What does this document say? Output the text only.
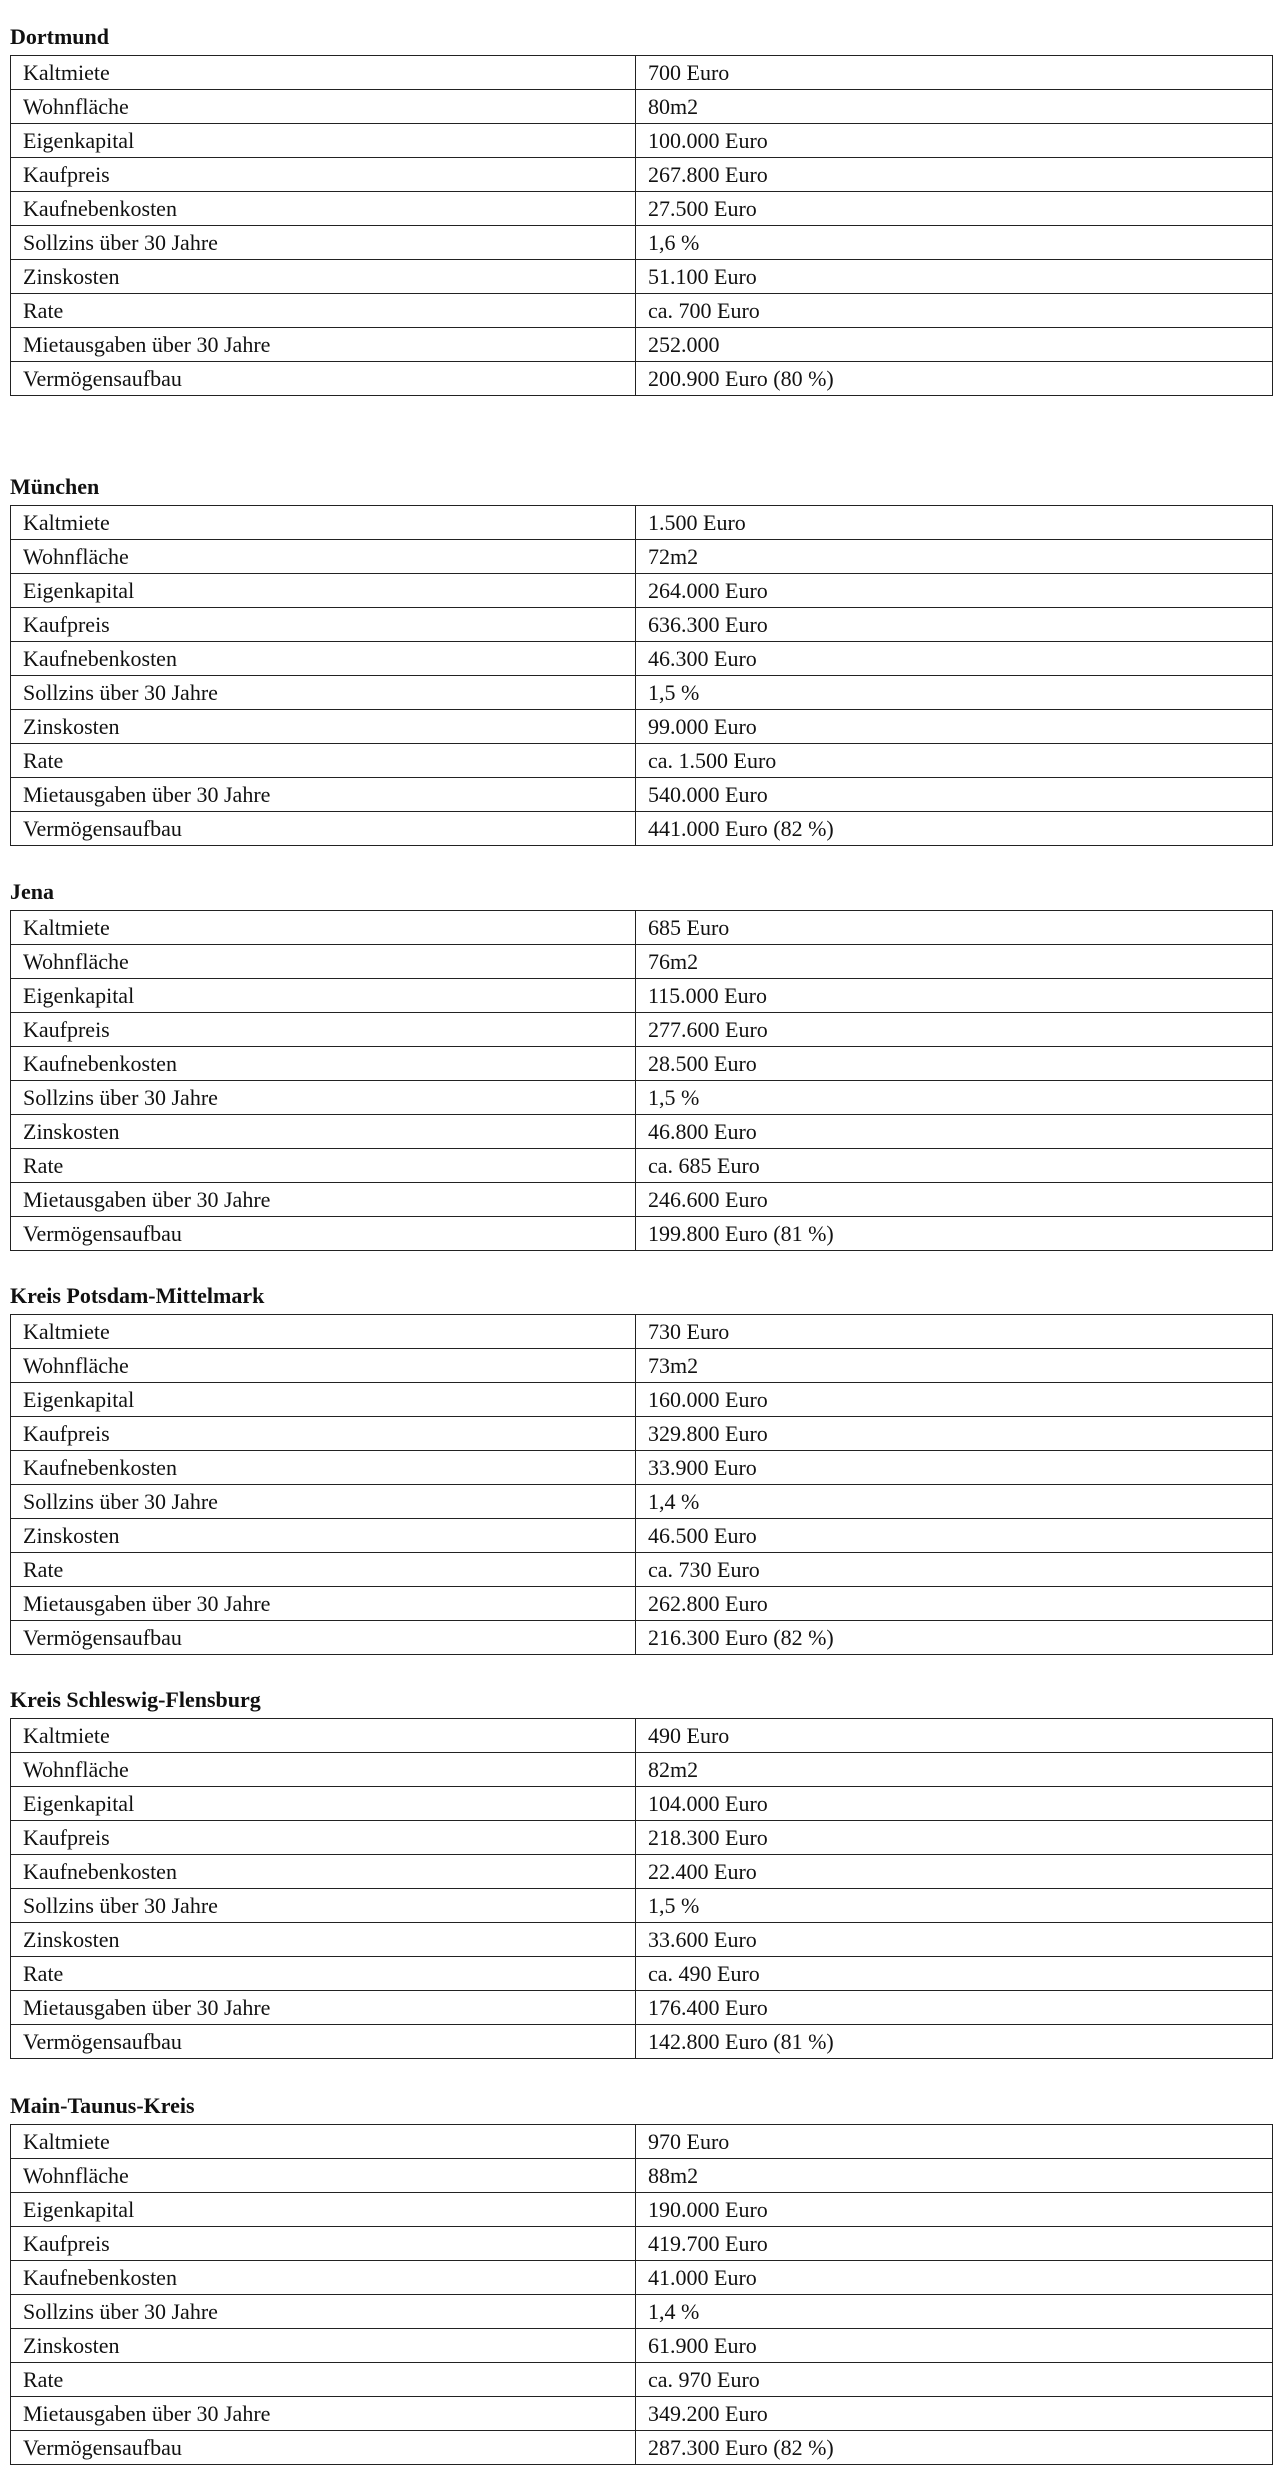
Dortmund
Kaltmiete	700 Euro
Wohnfläche	80m2
Eigenkapital	100.000 Euro
Kaufpreis	267.800 Euro
Kaufnebenkosten	27.500 Euro
Sollzins über 30 Jahre	1,6 %
Zinskosten	51.100 Euro
Rate	ca. 700 Euro
Mietausgaben über 30 Jahre	252.000
Vermögensaufbau	200.900 Euro (80 %)
München
Kaltmiete	1.500 Euro
Wohnfläche	72m2
Eigenkapital	264.000 Euro
Kaufpreis	636.300 Euro
Kaufnebenkosten	46.300 Euro
Sollzins über 30 Jahre	1,5 %
Zinskosten	99.000 Euro
Rate	ca. 1.500 Euro
Mietausgaben über 30 Jahre	540.000 Euro
Vermögensaufbau	441.000 Euro (82 %)
Jena
Kaltmiete	685 Euro
Wohnfläche	76m2
Eigenkapital	115.000 Euro
Kaufpreis	277.600 Euro
Kaufnebenkosten	28.500 Euro
Sollzins über 30 Jahre	1,5 %
Zinskosten	46.800 Euro
Rate	ca. 685 Euro
Mietausgaben über 30 Jahre	246.600 Euro
Vermögensaufbau	199.800 Euro (81 %)
Kreis Potsdam-Mittelmark
Kaltmiete	730 Euro
Wohnfläche	73m2
Eigenkapital	160.000 Euro
Kaufpreis	329.800 Euro
Kaufnebenkosten	33.900 Euro
Sollzins über 30 Jahre	1,4 %
Zinskosten	46.500 Euro
Rate	ca. 730 Euro
Mietausgaben über 30 Jahre	262.800 Euro
Vermögensaufbau	216.300 Euro (82 %)
Kreis Schleswig-Flensburg
Kaltmiete	490 Euro
Wohnfläche	82m2
Eigenkapital	104.000 Euro
Kaufpreis	218.300 Euro
Kaufnebenkosten	22.400 Euro
Sollzins über 30 Jahre	1,5 %
Zinskosten	33.600 Euro
Rate	ca. 490 Euro
Mietausgaben über 30 Jahre	176.400 Euro
Vermögensaufbau	142.800 Euro (81 %)
Main-Taunus-Kreis
Kaltmiete	970 Euro
Wohnfläche	88m2
Eigenkapital	190.000 Euro
Kaufpreis	419.700 Euro
Kaufnebenkosten	41.000 Euro
Sollzins über 30 Jahre	1,4 %
Zinskosten	61.900 Euro
Rate	ca. 970 Euro
Mietausgaben über 30 Jahre	349.200 Euro
Vermögensaufbau	287.300 Euro (82 %)
